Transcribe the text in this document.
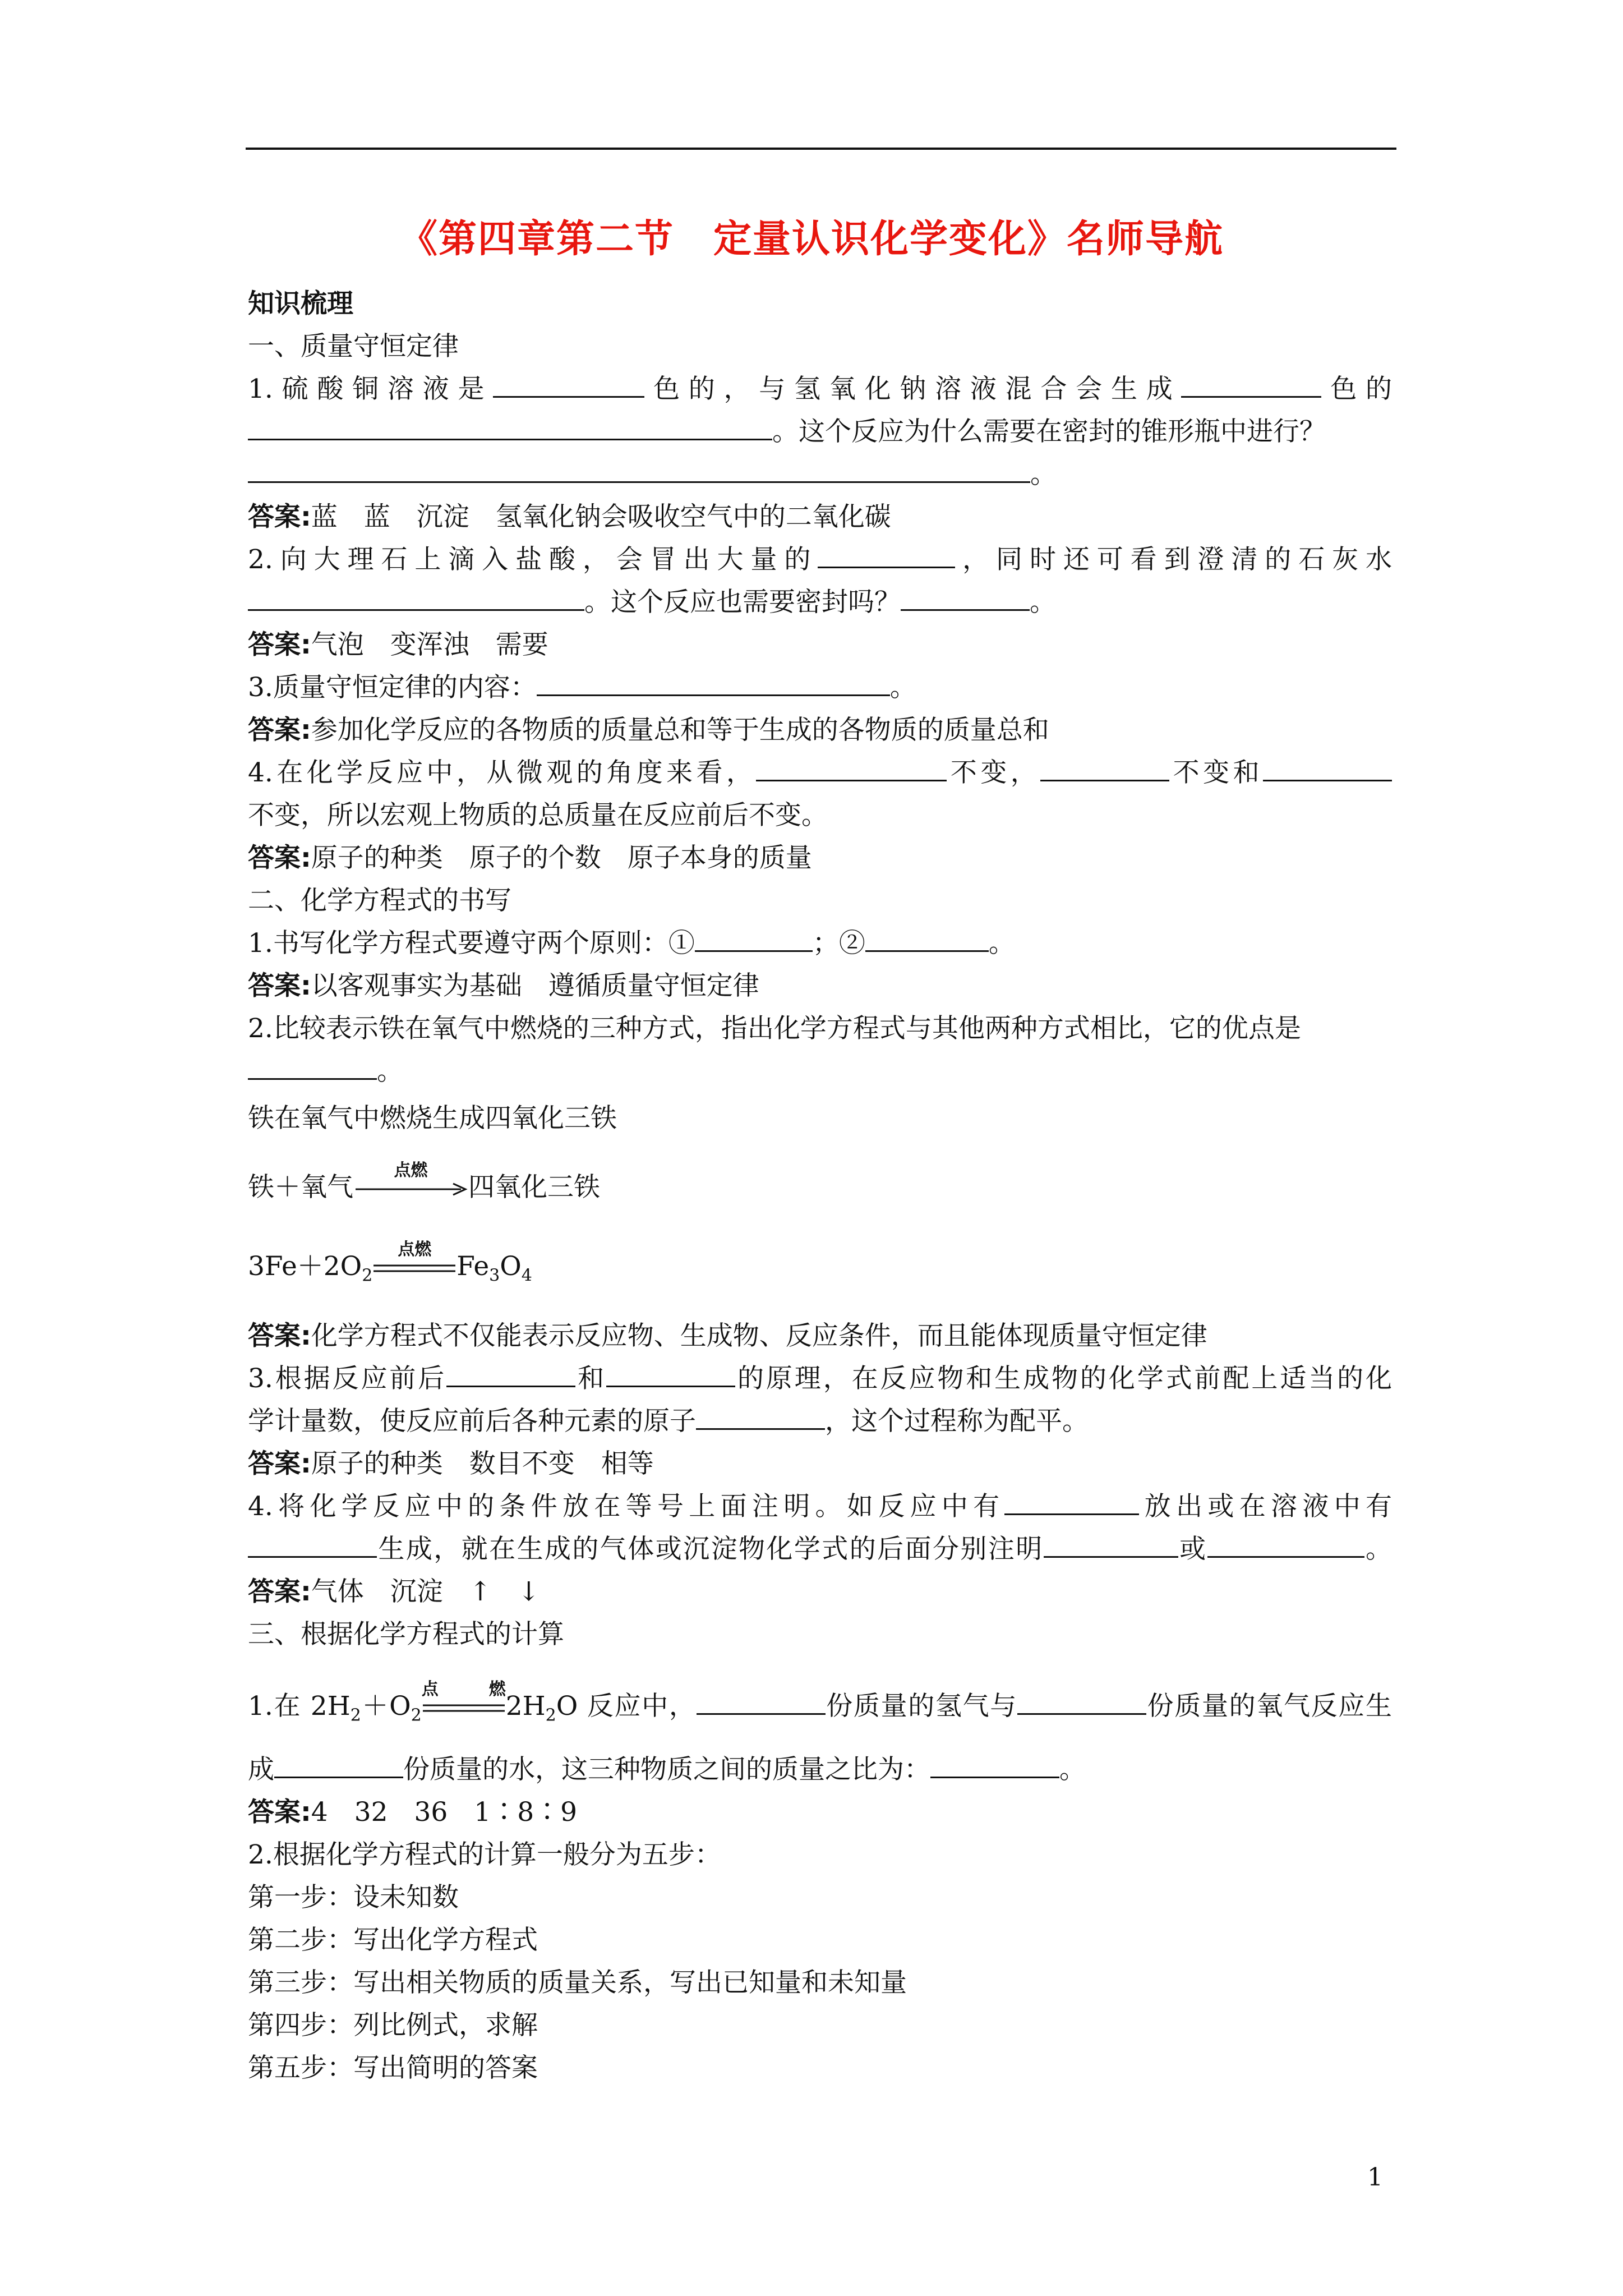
《第四章第二节　定量认识化学变化》名师导航
知识梳理
一、质量守恒定律
1.硫酸铜溶液是	色的，与氢氧化钠溶液混合会生成	色的
。这个反应为什么需要在密封的锥形瓶中进行？
。
答案:蓝　蓝　沉淀　氢氧化钠会吸收空气中的二氧化碳
2.向大理石上滴入盐酸，会冒出大量的	，同时还可看到澄清的石灰水
。这个反应也需要密封吗？	。
答案:气泡　变浑浊　需要
3.质量守恒定律的内容：	。
答案:参加化学反应的各物质的质量总和等于生成的各物质的质量总和
4.在化学反应中，从微观的角度来看，	不变，	不变和
不变，所以宏观上物质的总质量在反应前后不变。
答案:原子的种类　原子的个数　原子本身的质量
二、化学方程式的书写
1.书写化学方程式要遵守两个原则：①	；②	。
答案:以客观事实为基础　遵循质量守恒定律
2.比较表示铁在氧气中燃烧的三种方式，指出化学方程式与其他两种方式相比，它的优点是
。
铁在氧气中燃烧生成四氧化三铁
铁＋氧气
点燃
四氧化三铁
$3Fe+2O_2$
点燃
$Fe_3O_4$
答案:化学方程式不仅能表示反应物、生成物、反应条件，而且能体现质量守恒定律
3.根据反应前后	和	的原理，在反应物和生成物的化学式前配上适当的化
学计量数，使反应前后各种元素的原子	，这个过程称为配平。
答案:原子的种类　数目不变　相等
4.将化学反应中的条件放在等号上面注明。如反应中有	放出或在溶液中有
生成，就在生成的气体或沉淀物化学式的后面分别注明	或	。
答案:气体　沉淀　↑　↓
三、根据化学方程式的计算
1.在 $2H_2+O_2$
点燃
$2H_2O$ 反应中，	份质量的氢气与	份质量的氧气反应生
成	份质量的水，这三种物质之间的质量之比为：	。
答案:4　32　36　1∶8∶9
2.根据化学方程式的计算一般分为五步：
第一步：设未知数
第二步：写出化学方程式
第三步：写出相关物质的质量关系，写出已知量和未知量
第四步：列比例式，求解
第五步：写出简明的答案
1
